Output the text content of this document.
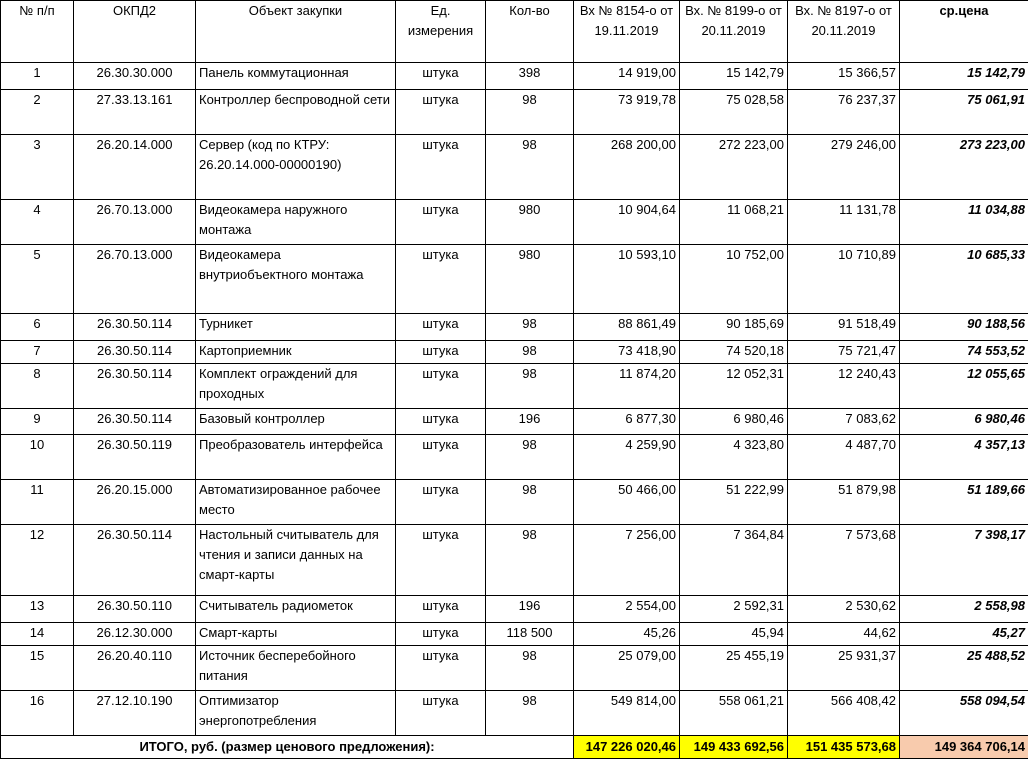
№ п/п	ОКПД2	Объект закупки	Ед. измерения	Кол-во	Вх № 8154-о от 19.11.2019	Вх. № 8199-о от 20.11.2019	Вх. № 8197-о от 20.11.2019	ср.цена
1	26.30.30.000	Панель коммутационная	штука	398	14 919,00	15 142,79	15 366,57	15 142,79
2	27.33.13.161	Контроллер беспроводной сети	штука	98	73 919,78	75 028,58	76 237,37	75 061,91
3	26.20.14.000	Сервер (код по КТРУ: 26.20.14.000-00000190)	штука	98	268 200,00	272 223,00	279 246,00	273 223,00
4	26.70.13.000	Видеокамера наружного монтажа	штука	980	10 904,64	11 068,21	11 131,78	11 034,88
5	26.70.13.000	Видеокамера внутриобъектного монтажа	штука	980	10 593,10	10 752,00	10 710,89	10 685,33
6	26.30.50.114	Турникет	штука	98	88 861,49	90 185,69	91 518,49	90 188,56
7	26.30.50.114	Картоприемник	штука	98	73 418,90	74 520,18	75 721,47	74 553,52
8	26.30.50.114	Комплект ограждений для проходных	штука	98	11 874,20	12 052,31	12 240,43	12 055,65
9	26.30.50.114	Базовый контроллер	штука	196	6 877,30	6 980,46	7 083,62	6 980,46
10	26.30.50.119	Преобразователь интерфейса	штука	98	4 259,90	4 323,80	4 487,70	4 357,13
11	26.20.15.000	Автоматизированное рабочее место	штука	98	50 466,00	51 222,99	51 879,98	51 189,66
12	26.30.50.114	Настольный считыватель для чтения и записи данных на смарт-карты	штука	98	7 256,00	7 364,84	7 573,68	7 398,17
13	26.30.50.110	Считыватель радиометок	штука	196	2 554,00	2 592,31	2 530,62	2 558,98
14	26.12.30.000	Смарт-карты	штука	118 500	45,26	45,94	44,62	45,27
15	26.20.40.110	Источник бесперебойного питания	штука	98	25 079,00	25 455,19	25 931,37	25 488,52
16	27.12.10.190	Оптимизатор энергопотребления	штука	98	549 814,00	558 061,21	566 408,42	558 094,54
ИТОГО, руб. (размер ценового предложения):					147 226 020,46	149 433 692,56	151 435 573,68	149 364 706,14
